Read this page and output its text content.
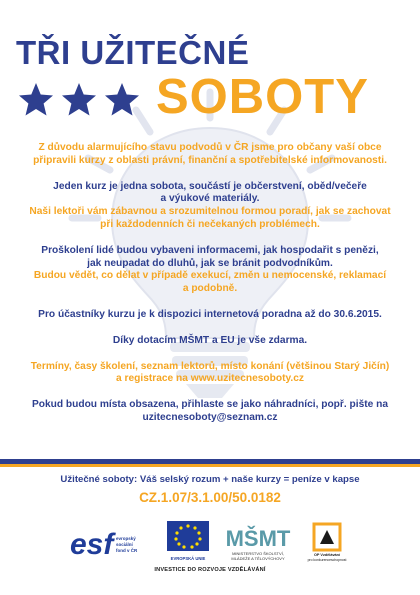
TŘI UŽITEČNÉ
SOBOTY

Z důvodu alarmujícího stavu podvodů v ČR jsme pro občany vaší obce
připravili kurzy z oblasti právní, finanční a spotřebitelské informovanosti.

Jeden kurz je jedna sobota, součástí je občerstvení, oběd/večeře
a výukové materiály.

Naši lektoři vám zábavnou a srozumitelnou formou poradí, jak se zachovat
při každodenních či nečekaných problémech.

Proškolení lidé budou vybaveni informacemi, jak hospodařit s penězi,
jak neupadat do dluhů, jak se bránit podvodníkům.

Budou vědět, co dělat v případě exekucí, změn u nemocenské, reklamací
a podobně.

Pro účastníky kurzu je k dispozici internetová poradna až do 30.6.2015.

Díky dotacím MŠMT a EU je vše zdarma.

Termíny, časy školení, seznam lektorů, místo konání (většinou Starý Jičín)
a registrace na www.uzitecnesoboty.cz

Pokud budou místa obsazena, přihlaste se jako náhradníci, popř. pište na
uzitecnesoboty@seznam.cz

Užitečné soboty: Váš selský rozum + naše kurzy = peníze v kapse
CZ.1.07/3.1.00/50.0182
esf evropský
sociální
fond v ČR
EVROPSKÁ UNIE
MŠMT
MINISTERSTVO ŠKOLSTVÍ,
MLÁDEŽE A TĚLOVÝCHOVY
OP Vzdělávání
pro konkurenceschopnost
INVESTICE DO ROZVOJE VZDĚLÁVÁNÍ
